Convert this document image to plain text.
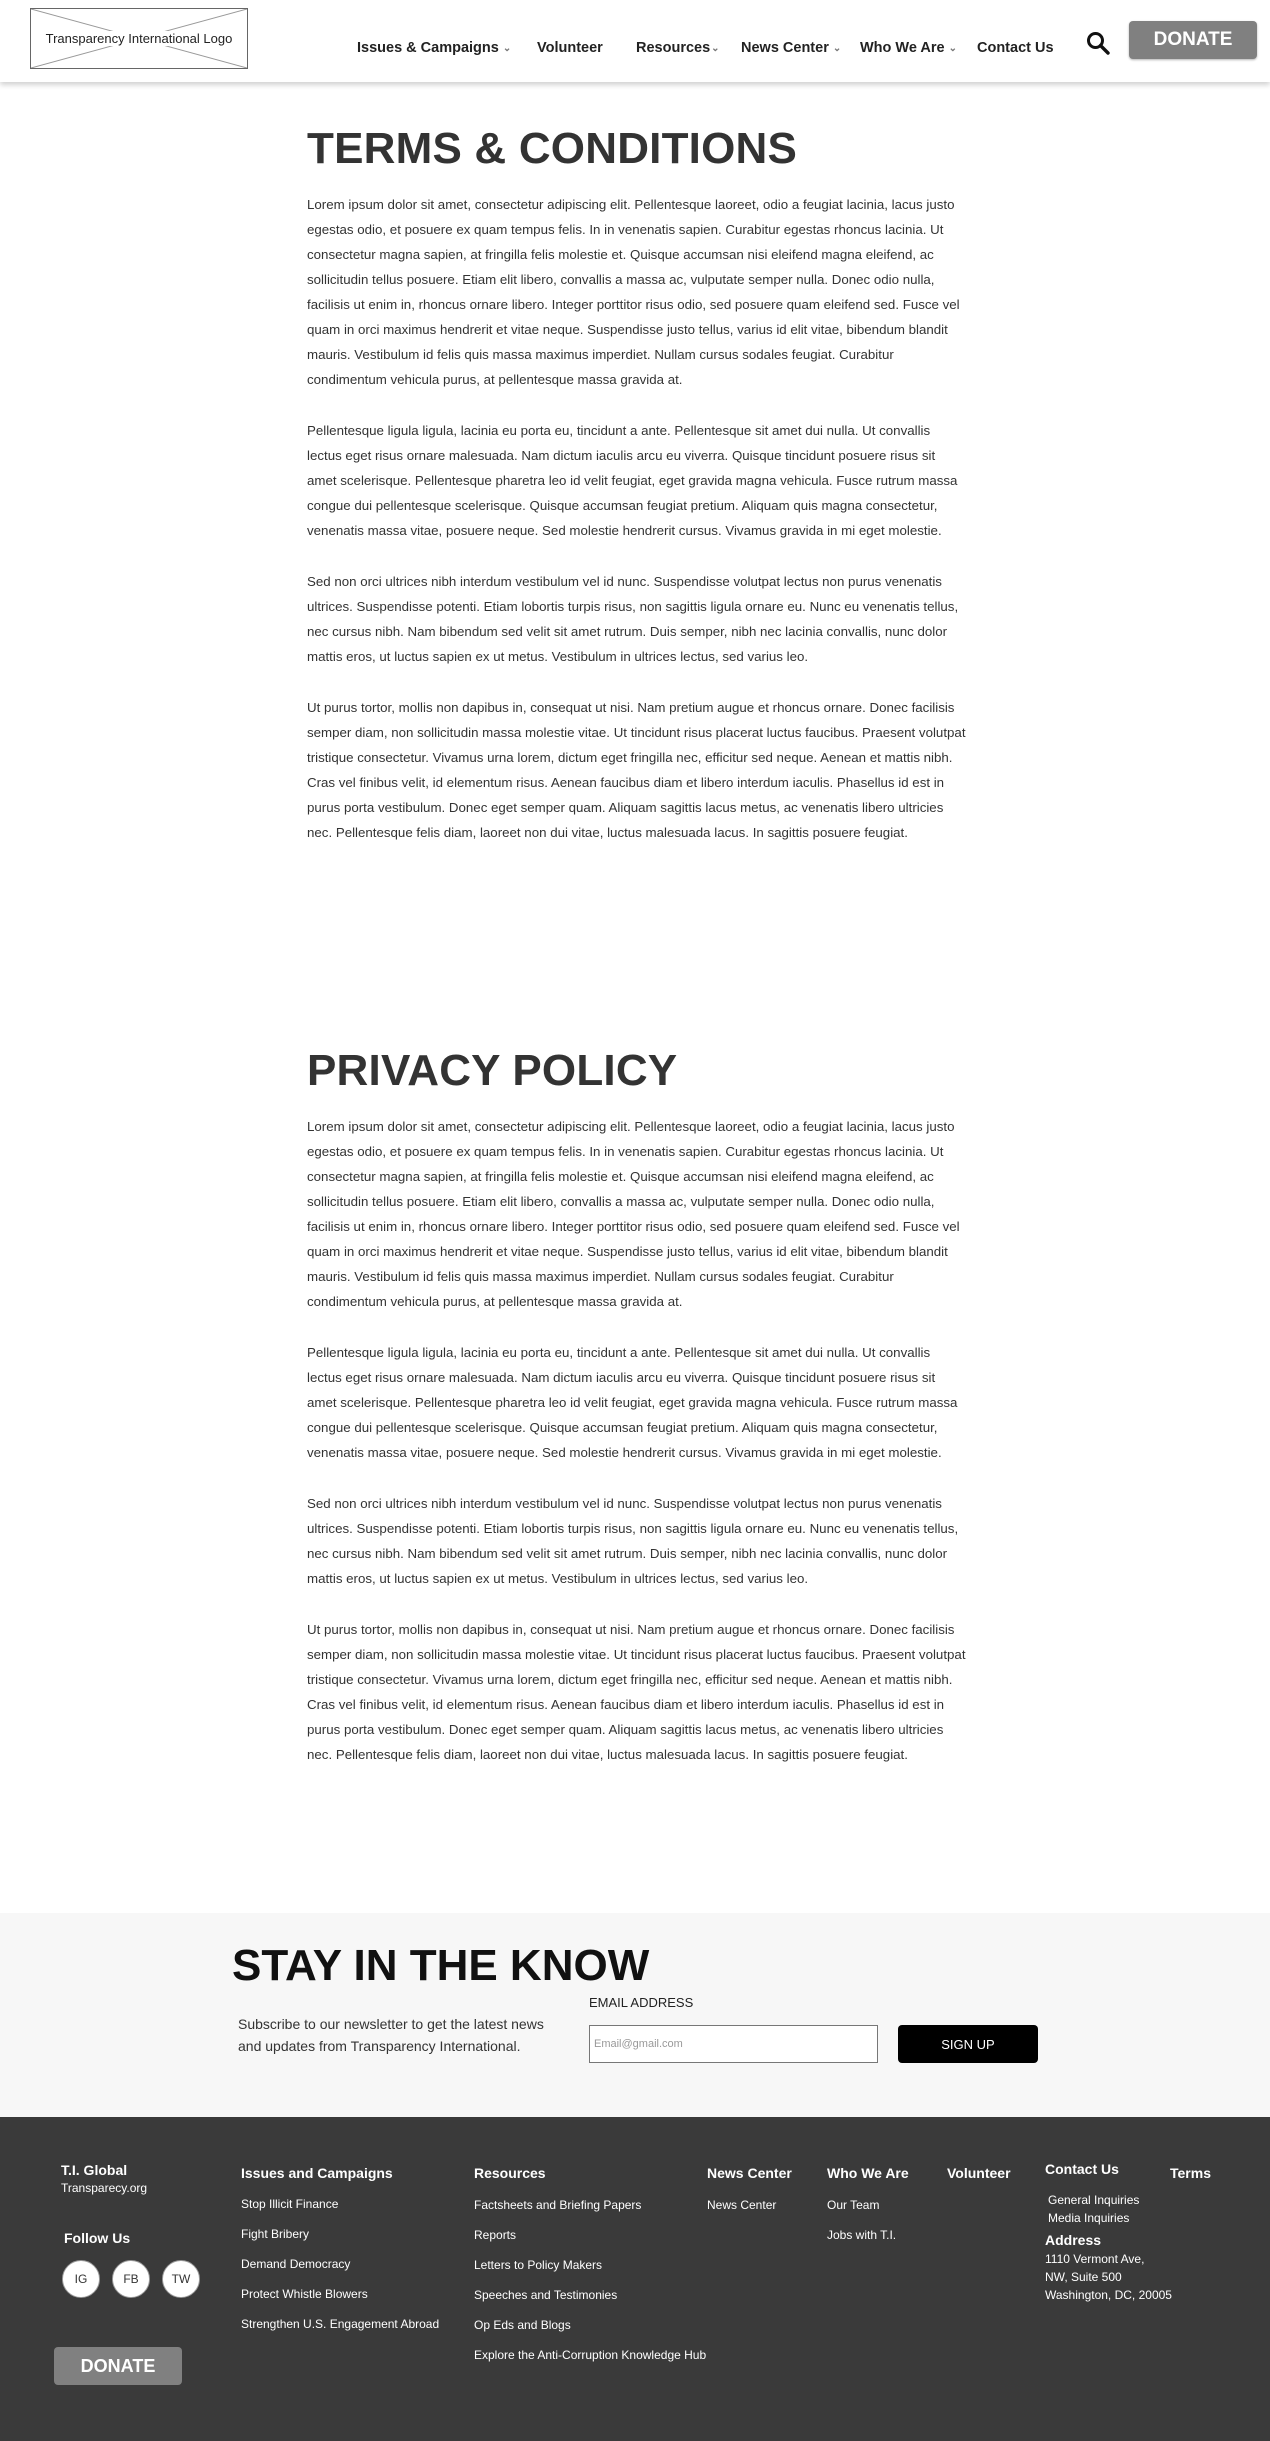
Transparency International Logo
Issues & Campaigns ⌄ Volunteer Resources⌄ News Center ⌄ Who We Are ⌄ Contact Us	DONATE
TERMS & CONDITIONS

Lorem ipsum dolor sit amet, consectetur adipiscing elit. Pellentesque laoreet, odio a feugiat lacinia, lacus justo egestas odio, et posuere ex quam tempus felis. In in venenatis sapien. Curabitur egestas rhoncus lacinia. Ut consectetur magna sapien, at fringilla felis molestie et. Quisque accumsan nisi eleifend magna eleifend, ac sollicitudin tellus posuere. Etiam elit libero, convallis a massa ac, vulputate semper nulla. Donec odio nulla, facilisis ut enim in, rhoncus ornare libero. Integer porttitor risus odio, sed posuere quam eleifend sed. Fusce vel quam in orci maximus hendrerit et vitae neque. Suspendisse justo tellus, varius id elit vitae, bibendum blandit mauris. Vestibulum id felis quis massa maximus imperdiet. Nullam cursus sodales feugiat. Curabitur condimentum vehicula purus, at pellentesque massa gravida at.

Pellentesque ligula ligula, lacinia eu porta eu, tincidunt a ante. Pellentesque sit amet dui nulla. Ut convallis lectus eget risus ornare malesuada. Nam dictum iaculis arcu eu viverra. Quisque tincidunt posuere risus sit amet scelerisque. Pellentesque pharetra leo id velit feugiat, eget gravida magna vehicula. Fusce rutrum massa congue dui pellentesque scelerisque. Quisque accumsan feugiat pretium. Aliquam quis magna consectetur, venenatis massa vitae, posuere neque. Sed molestie hendrerit cursus. Vivamus gravida in mi eget molestie.

Sed non orci ultrices nibh interdum vestibulum vel id nunc. Suspendisse volutpat lectus non purus venenatis ultrices. Suspendisse potenti. Etiam lobortis turpis risus, non sagittis ligula ornare eu. Nunc eu venenatis tellus, nec cursus nibh. Nam bibendum sed velit sit amet rutrum. Duis semper, nibh nec lacinia convallis, nunc dolor mattis eros, ut luctus sapien ex ut metus. Vestibulum in ultrices lectus, sed varius leo.

Ut purus tortor, mollis non dapibus in, consequat ut nisi. Nam pretium augue et rhoncus ornare. Donec facilisis semper diam, non sollicitudin massa molestie vitae. Ut tincidunt risus placerat luctus faucibus. Praesent volutpat tristique consectetur. Vivamus urna lorem, dictum eget fringilla nec, efficitur sed neque. Aenean et mattis nibh. Cras vel finibus velit, id elementum risus. Aenean faucibus diam et libero interdum iaculis. Phasellus id est in purus porta vestibulum. Donec eget semper quam. Aliquam sagittis lacus metus, ac venenatis libero ultricies nec. Pellentesque felis diam, laoreet non dui vitae, luctus malesuada lacus. In sagittis posuere feugiat.

PRIVACY POLICY

Lorem ipsum dolor sit amet, consectetur adipiscing elit. Pellentesque laoreet, odio a feugiat lacinia, lacus justo egestas odio, et posuere ex quam tempus felis. In in venenatis sapien. Curabitur egestas rhoncus lacinia. Ut consectetur magna sapien, at fringilla felis molestie et. Quisque accumsan nisi eleifend magna eleifend, ac sollicitudin tellus posuere. Etiam elit libero, convallis a massa ac, vulputate semper nulla. Donec odio nulla, facilisis ut enim in, rhoncus ornare libero. Integer porttitor risus odio, sed posuere quam eleifend sed. Fusce vel quam in orci maximus hendrerit et vitae neque. Suspendisse justo tellus, varius id elit vitae, bibendum blandit mauris. Vestibulum id felis quis massa maximus imperdiet. Nullam cursus sodales feugiat. Curabitur condimentum vehicula purus, at pellentesque massa gravida at.

Pellentesque ligula ligula, lacinia eu porta eu, tincidunt a ante. Pellentesque sit amet dui nulla. Ut convallis lectus eget risus ornare malesuada. Nam dictum iaculis arcu eu viverra. Quisque tincidunt posuere risus sit amet scelerisque. Pellentesque pharetra leo id velit feugiat, eget gravida magna vehicula. Fusce rutrum massa congue dui pellentesque scelerisque. Quisque accumsan feugiat pretium. Aliquam quis magna consectetur, venenatis massa vitae, posuere neque. Sed molestie hendrerit cursus. Vivamus gravida in mi eget molestie.

Sed non orci ultrices nibh interdum vestibulum vel id nunc. Suspendisse volutpat lectus non purus venenatis ultrices. Suspendisse potenti. Etiam lobortis turpis risus, non sagittis ligula ornare eu. Nunc eu venenatis tellus, nec cursus nibh. Nam bibendum sed velit sit amet rutrum. Duis semper, nibh nec lacinia convallis, nunc dolor mattis eros, ut luctus sapien ex ut metus. Vestibulum in ultrices lectus, sed varius leo.

Ut purus tortor, mollis non dapibus in, consequat ut nisi. Nam pretium augue et rhoncus ornare. Donec facilisis semper diam, non sollicitudin massa molestie vitae. Ut tincidunt risus placerat luctus faucibus. Praesent volutpat tristique consectetur. Vivamus urna lorem, dictum eget fringilla nec, efficitur sed neque. Aenean et mattis nibh. Cras vel finibus velit, id elementum risus. Aenean faucibus diam et libero interdum iaculis. Phasellus id est in purus porta vestibulum. Donec eget semper quam. Aliquam sagittis lacus metus, ac venenatis libero ultricies nec. Pellentesque felis diam, laoreet non dui vitae, luctus malesuada lacus. In sagittis posuere feugiat.

STAY IN THE KNOW
Subscribe to our newsletter to get the latest news and updates from Transparency International.
EMAIL ADDRESS
Email@gmail.com
SIGN UP
T.I. Global
Transparecy.org
Follow Us
IG	FB	TW
DONATE
Issues and Campaigns
Stop Illicit Finance
Fight Bribery
Demand Democracy
Protect Whistle Blowers
Strengthen U.S. Engagement Abroad
Resources
Factsheets and Briefing Papers
Reports
Letters to Policy Makers
Speeches and Testimonies
Op Eds and Blogs
Explore the Anti-Corruption Knowledge Hub
News Center
News Center
Who We Are
Our Team
Jobs with T.I.
Volunteer Contact Us
General Inquiries
Media Inquiries
Address
1110 Vermont Ave,
NW, Suite 500
Washington, DC, 20005
Terms
